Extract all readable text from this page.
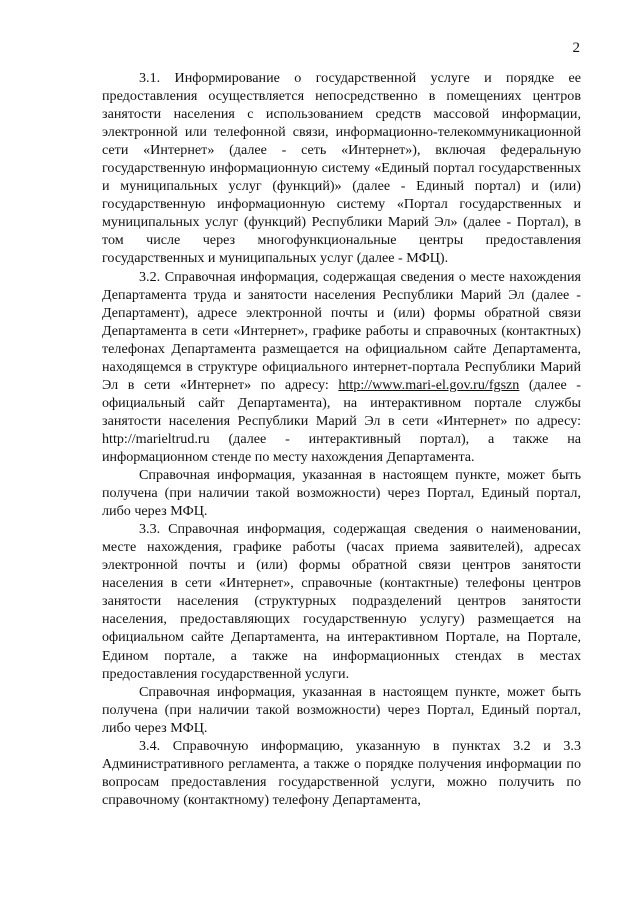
2

3.1. Информирование о государственной услуге и порядке ее предоставления осуществляется непосредственно в помещениях центров занятости населения с использованием средств массовой информации, электронной или телефонной связи, информационно-телекоммуникационной сети «Интернет» (далее - сеть «Интернет»), включая федеральную государственную информационную систему «Единый портал государственных и муниципальных услуг (функций)» (далее - Единый портал) и (или) государственную информационную систему «Портал государственных и муниципальных услуг (функций) Республики Марий Эл» (далее - Портал), в том числе через многофункциональные центры предоставления государственных и муниципальных услуг (далее - МФЦ).

3.2. Справочная информация, содержащая сведения о месте нахождения Департамента труда и занятости населения Республики Марий Эл (далее - Департамент), адресе электронной почты и (или) формы обратной связи Департамента в сети «Интернет», графике работы и справочных (контактных) телефонах Департамента размещается на официальном сайте Департамента, находящемся в структуре официального интернет-портала Республики Марий Эл в сети «Интернет» по адресу: http://www.mari-el.gov.ru/fgszn (далее - официальный сайт Департамента), на интерактивном портале службы занятости населения Республики Марий Эл в сети «Интернет» по адресу: http://marieltrud.ru (далее - интерактивный портал), а также на информационном стенде по месту нахождения Департамента.

Справочная информация, указанная в настоящем пункте, может быть получена (при наличии такой возможности) через Портал, Единый портал, либо через МФЦ.

3.3. Справочная информация, содержащая сведения о наименовании, месте нахождения, графике работы (часах приема заявителей), адресах электронной почты и (или) формы обратной связи центров занятости населения в сети «Интернет», справочные (контактные) телефоны центров занятости населения (структурных подразделений центров занятости населения, предоставляющих государственную услугу) размещается на официальном сайте Департамента, на интерактивном Портале, на Портале, Едином портале, а также на информационных стендах в местах предоставления государственной услуги.

Справочная информация, указанная в настоящем пункте, может быть получена (при наличии такой возможности) через Портал, Единый портал, либо через МФЦ.

3.4. Справочную информацию, указанную в пунктах 3.2 и 3.3 Административного регламента, а также о порядке получения информации по вопросам предоставления государственной услуги, можно получить по справочному (контактному) телефону Департамента,
